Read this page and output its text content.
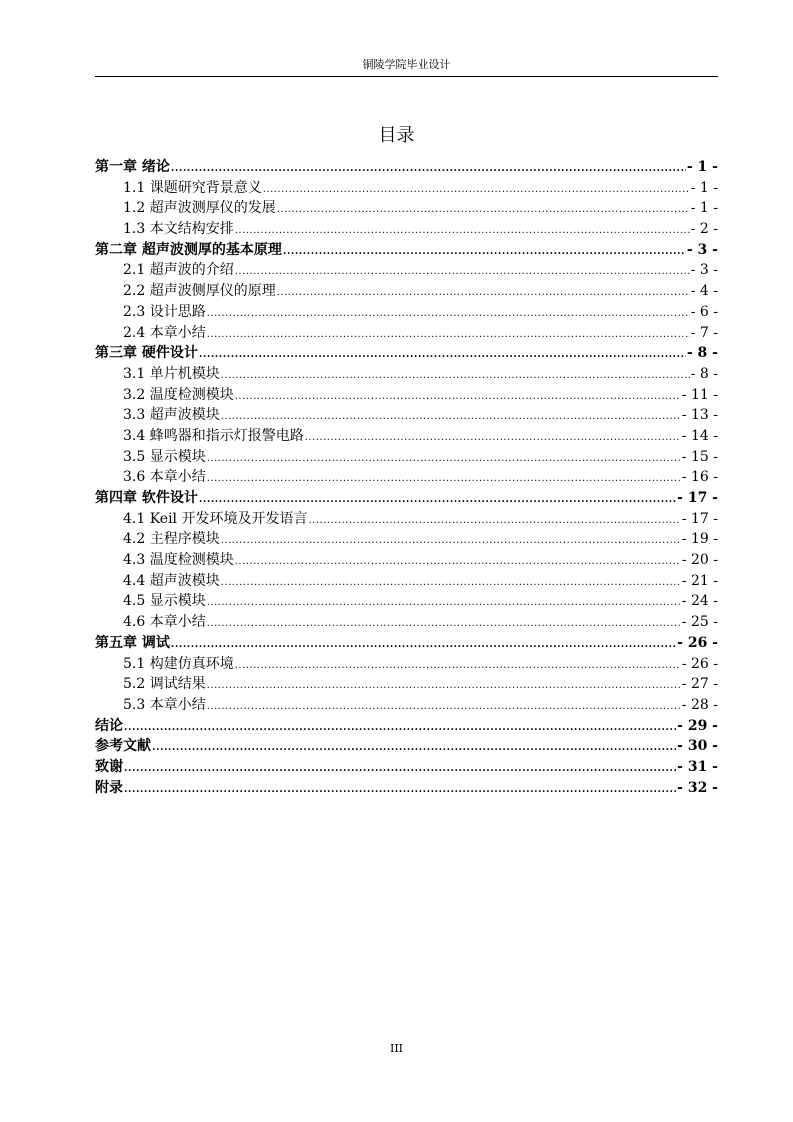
铜陵学院毕业设计
目录
第一章 绪论 .....	- 1 -
1.1 课题研究背景意义 .....	- 1 -
1.2 超声波测厚仪的发展 .....	- 1 -
1.3 本文结构安排 .....	- 2 -
第二章 超声波测厚的基本原理 .....	- 3 -
2.1 超声波的介绍 .....	- 3 -
2.2 超声波侧厚仪的原理 .....	- 4 -
2.3 设计思路 .....	- 6 -
2.4 本章小结 .....	- 7 -
第三章 硬件设计 .....	- 8 -
3.1 单片机模块 .....	- 8 -
3.2 温度检测模块 .....	- 11 -
3.3 超声波模块 .....	- 13 -
3.4 蜂鸣器和指示灯报警电路 .....	- 14 -
3.5 显示模块 .....	- 15 -
3.6 本章小结 .....	- 16 -
第四章 软件设计 .....	- 17 -
4.1 Keil 开发环境及开发语言 .....	- 17 -
4.2 主程序模块 .....	- 19 -
4.3 温度检测模块 .....	- 20 -
4.4 超声波模块 .....	- 21 -
4.5 显示模块 .....	- 24 -
4.6 本章小结 .....	- 25 -
第五章 调试 .....	- 26 -
5.1 构建仿真环境 .....	- 26 -
5.2 调试结果 .....	- 27 -
5.3 本章小结 .....	- 28 -
结论 .....	- 29 -
参考文献 .....	- 30 -
致谢 .....	- 31 -
附录 .....	- 32 -
III
